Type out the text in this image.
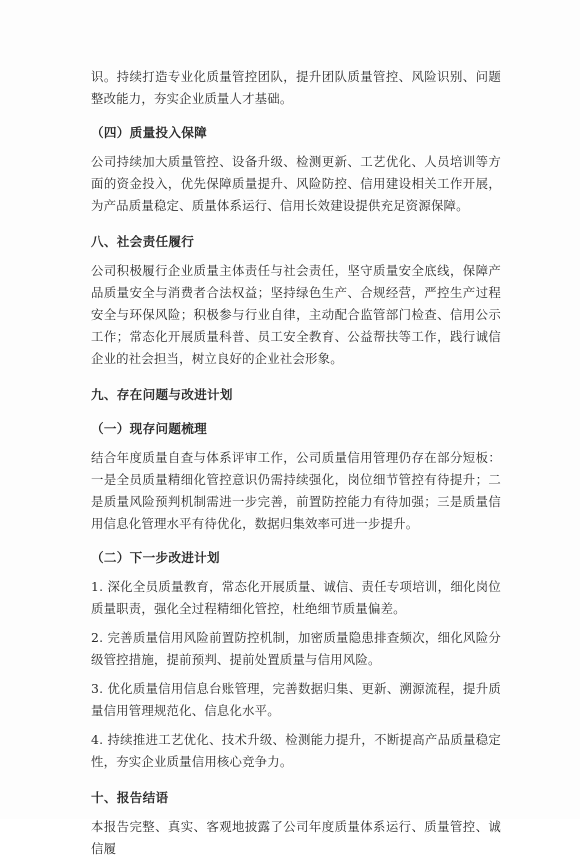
识。持续打造专业化质量管控团队，提升团队质量管控、风险识别、问题整改能力，夯实企业质量人才基础。

（四）质量投入保障

公司持续加大质量管控、设备升级、检测更新、工艺优化、人员培训等方面的资金投入，优先保障质量提升、风险防控、信用建设相关工作开展，为产品质量稳定、质量体系运行、信用长效建设提供充足资源保障。

八、社会责任履行

公司积极履行企业质量主体责任与社会责任，坚守质量安全底线，保障产品质量安全与消费者合法权益；坚持绿色生产、合规经营，严控生产过程安全与环保风险；积极参与行业自律，主动配合监管部门检查、信用公示工作；常态化开展质量科普、员工安全教育、公益帮扶等工作，践行诚信企业的社会担当，树立良好的企业社会形象。

九、存在问题与改进计划

（一）现存问题梳理

结合年度质量自查与体系评审工作，公司质量信用管理仍存在部分短板：一是全员质量精细化管控意识仍需持续强化，岗位细节管控有待提升；二是质量风险预判机制需进一步完善，前置防控能力有待加强；三是质量信用信息化管理水平有待优化，数据归集效率可进一步提升。

（二）下一步改进计划

1. 深化全员质量教育，常态化开展质量、诚信、责任专项培训，细化岗位质量职责，强化全过程精细化管控，杜绝细节质量偏差。

2. 完善质量信用风险前置防控机制，加密质量隐患排查频次，细化风险分级管控措施，提前预判、提前处置质量与信用风险。

3. 优化质量信用信息台账管理，完善数据归集、更新、溯源流程，提升质量信用管理规范化、信息化水平。

4. 持续推进工艺优化、技术升级、检测能力提升，不断提高产品质量稳定性，夯实企业质量信用核心竞争力。

十、报告结语

本报告完整、真实、客观地披露了公司年度质量体系运行、质量管控、诚信履
